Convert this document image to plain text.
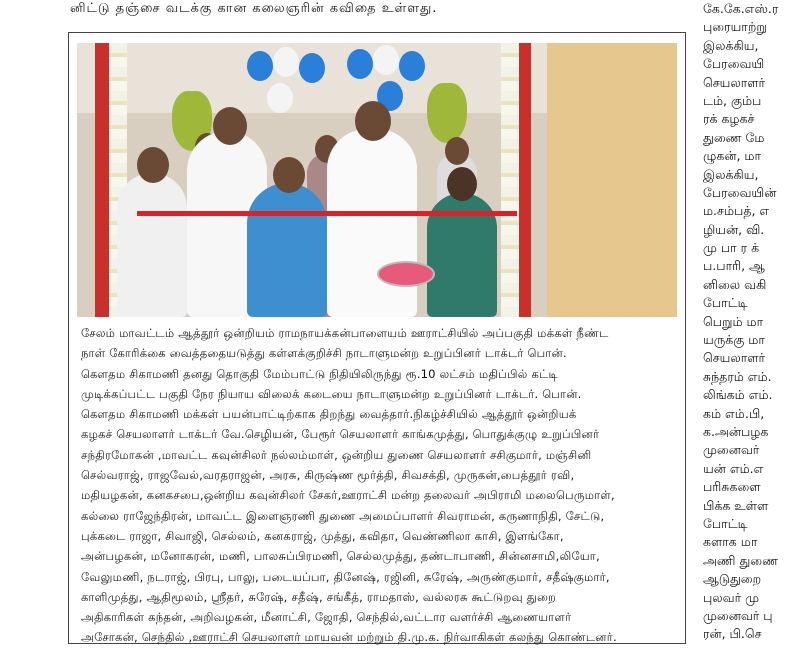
னிட்டு தஞ்சை வடக்கு கான கலைஞரின் கவிதை உள்ளது.
சேலம் மாவட்டம் ஆத்தூர் ஒன்றியம் ராமநாயக்கன்பாளையம் ஊராட்சியில் அப்பகுதி மக்கள் நீண்ட
நாள் கோரிக்கை வைத்ததையடுத்து கள்ளக்குறிச்சி நாடாளுமன்ற உறுப்பினர் டாக்டர் பொன்.
கௌதம சிகாமணி தனது தொகுதி மேம்பாட்டு நிதியிலிருந்து ரூ.10 லட்சம் மதிப்பில் கட்டி
முடிக்கப்பட்ட பகுதி நேர நியாய விலைக் கடையை நாடாளுமன்ற உறுப்பினர் டாக்டர். பொன்.
கௌதம சிகாமணி மக்கள் பயன்பாட்டிற்காக திறந்து வைத்தார்.நிகழ்ச்சியில் ஆத்தூர் ஒன்றியக்
கழகச் செயலாளர் டாக்டர் வே.செழியன், பேரூர் செயலாளர் காங்கமுத்து, பொதுக்குழு உறுப்பினர்
சந்திரமோகன் ,மாவட்ட கவுன்சிலர் நல்லம்மாள், ஒன்றிய துணை செயலாளர் சசிகுமார், மஞ்சினி
செல்வராஜ், ராஜவேல்,வரதராஜன், அரசு, கிருஷ்ண மூர்த்தி, சிவசக்தி, முருகன்,பைத்தூர் ரவி,
மதியழகன், கனகசபை,ஒன்றிய கவுன்சிலர் சேகர்,ஊராட்சி மன்ற தலைவர் அபிராமி மலைபெருமாள்,
கல்லை ராஜேந்திரன், மாவட்ட இளைஞரணி துணை அமைப்பாளர் சிவராமன், கருணாநிதி, சேட்டு,
புக்கடை ராஜா, சிவாஜி, செல்லம், கனகராஜ், முத்து, கவிதா, வெண்ணிலா காசி, இளங்கோ,
அன்பழகன், மனோகரன், மணி, பாலசுப்பிரமணி, செல்லமுத்து, தண்டாபாணி, சின்னசாமி,லியோ,
வேலுமணி, நடராஜ், பிரபு, பாலு, படையப்பா, தினேஷ், ரஜினி, சுரேஷ், அருண்குமார், சதீஷ்குமார்,
காளிமுத்து, ஆதிமூலம், ஸ்ரீதர், சுரேஷ், சதீஷ், சங்கீத், ராமதாஸ், வல்லரசு கூட்டுறவு துறை
அதிகாரிகள் கந்தன், அறிவழகன், மீனாட்சி, ஜோதி, செந்தில்,வட்டார வளர்ச்சி ஆணையாளர்
அசோகன், செந்தில் ,ஊராட்சி செயலாளர் மாயவன் மற்றும் தி.மு.க. நிர்வாகிகள் கலந்து கொண்டனர்.
கே.கே.எஸ்.ர
புரையாற்று
இலக்கிய,
பேரவையி
செயலாளர்
டம், கும்ப
ரக் கழகச்
துணை மே
ழுகன், மா
இலக்கிய,
பேரவையின்
ம.சம்பத், எ
ழியன், வி.
மு பா ர க்
ப.பாரி, ஆ
னிலை வகி
போட்டி
பெறும் மா
யருக்கு மா
செயலாளர்
சுந்தரம் எம்.
லிங்கம் எம்.
கம் எம்.பி,
க.அன்பழக
முனைவர்
யன் எம்.எ
பரிசுகளை
பிக்க உள்ள
போட்டி
களாக மா
அணி துணை
ஆடுதுறை
புலவர் மு
முனைவர் பு
ரன், பி.செ
